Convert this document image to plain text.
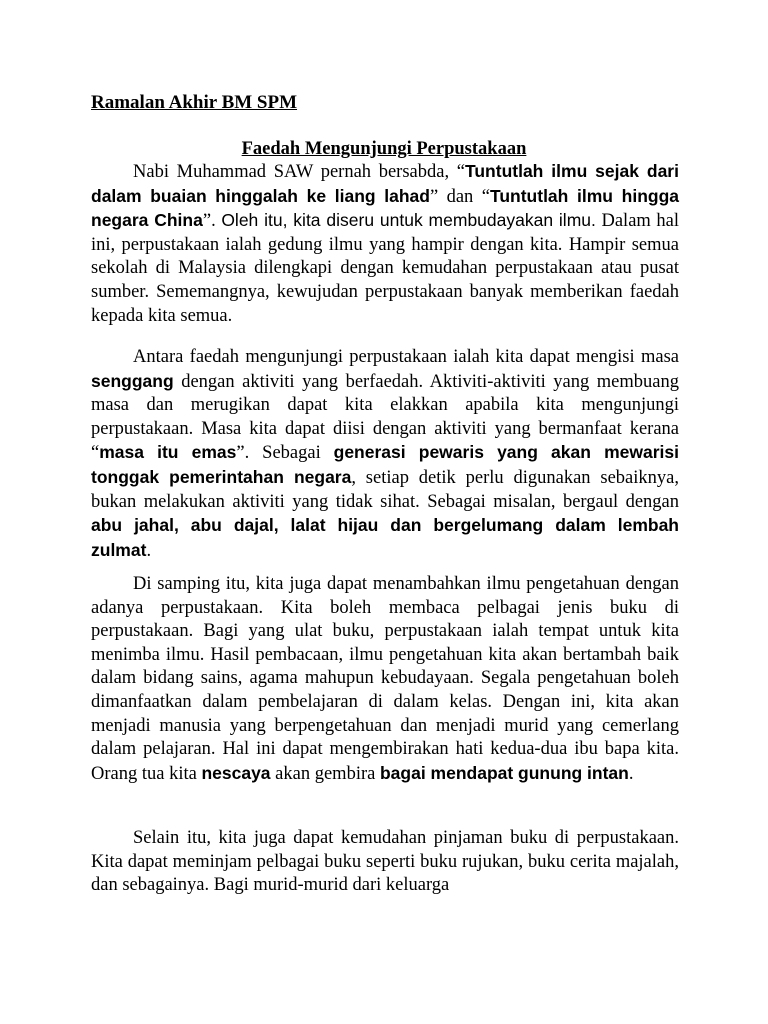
Ramalan Akhir BM SPM
Faedah Mengunjungi Perpustakaan

Nabi Muhammad SAW pernah bersabda, “Tuntutlah ilmu sejak dari dalam buaian hinggalah ke liang lahad” dan “Tuntutlah ilmu hingga negara China”. Oleh itu, kita diseru untuk membudayakan ilmu. Dalam hal ini, perpustakaan ialah gedung ilmu yang hampir dengan kita. Hampir semua sekolah di Malaysia dilengkapi dengan kemudahan perpustakaan atau pusat sumber. Sememangnya, kewujudan perpustakaan banyak memberikan faedah kepada kita semua.

Antara faedah mengunjungi perpustakaan ialah kita dapat mengisi masa senggang dengan aktiviti yang berfaedah. Aktiviti-aktiviti yang membuang masa dan merugikan dapat kita elakkan apabila kita mengunjungi perpustakaan. Masa kita dapat diisi dengan aktiviti yang bermanfaat kerana “masa itu emas”. Sebagai generasi pewaris yang akan mewarisi tonggak pemerintahan negara, setiap detik perlu digunakan sebaiknya, bukan melakukan aktiviti yang tidak sihat. Sebagai misalan, bergaul dengan abu jahal, abu dajal, lalat hijau dan bergelumang dalam lembah zulmat.

Di samping itu, kita juga dapat menambahkan ilmu pengetahuan dengan adanya perpustakaan. Kita boleh membaca pelbagai jenis buku di perpustakaan. Bagi yang ulat buku, perpustakaan ialah tempat untuk kita menimba ilmu. Hasil pembacaan, ilmu pengetahuan kita akan bertambah baik dalam bidang sains, agama mahupun kebudayaan. Segala pengetahuan boleh dimanfaatkan dalam pembelajaran di dalam kelas. Dengan ini, kita akan menjadi manusia yang berpengetahuan dan menjadi murid yang cemerlang dalam pelajaran. Hal ini dapat mengembirakan hati kedua-dua ibu bapa kita. Orang tua kita nescaya akan gembira bagai mendapat gunung intan.

Selain itu, kita juga dapat kemudahan pinjaman buku di perpustakaan. Kita dapat meminjam pelbagai buku seperti buku rujukan, buku cerita majalah, dan sebagainya. Bagi murid-murid dari keluarga
